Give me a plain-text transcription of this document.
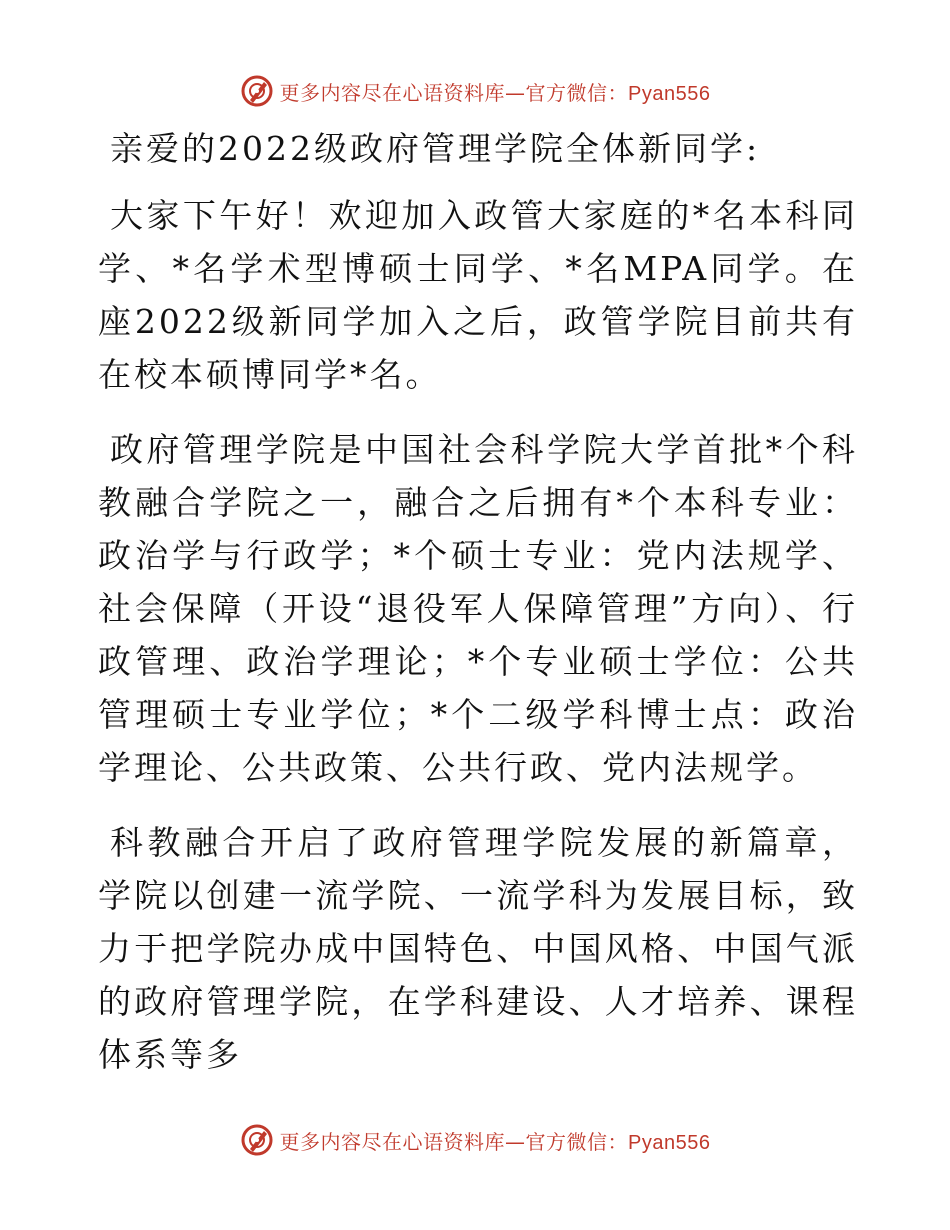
更多内容尽在心语资料库—官方微信：Pyan556

亲爱的2022级政府管理学院全体新同学:

大家下午好！欢迎加入政管大家庭的*名本科同学、*名学术型博硕士同学、*名MPA同学。在座2022级新同学加入之后，政管学院目前共有在校本硕博同学*名。

政府管理学院是中国社会科学院大学首批*个科教融合学院之一，融合之后拥有*个本科专业：政治学与行政学；*个硕士专业：党内法规学、社会保障（开设“退役军人保障管理”方向）、行政管理、政治学理论；*个专业硕士学位：公共管理硕士专业学位；*个二级学科博士点：政治学理论、公共政策、公共行政、党内法规学。

科教融合开启了政府管理学院发展的新篇章，学院以创建一流学院、一流学科为发展目标，致力于把学院办成中国特色、中国风格、中国气派的政府管理学院，在学科建设、人才培养、课程体系等多

更多内容尽在心语资料库—官方微信：Pyan556
